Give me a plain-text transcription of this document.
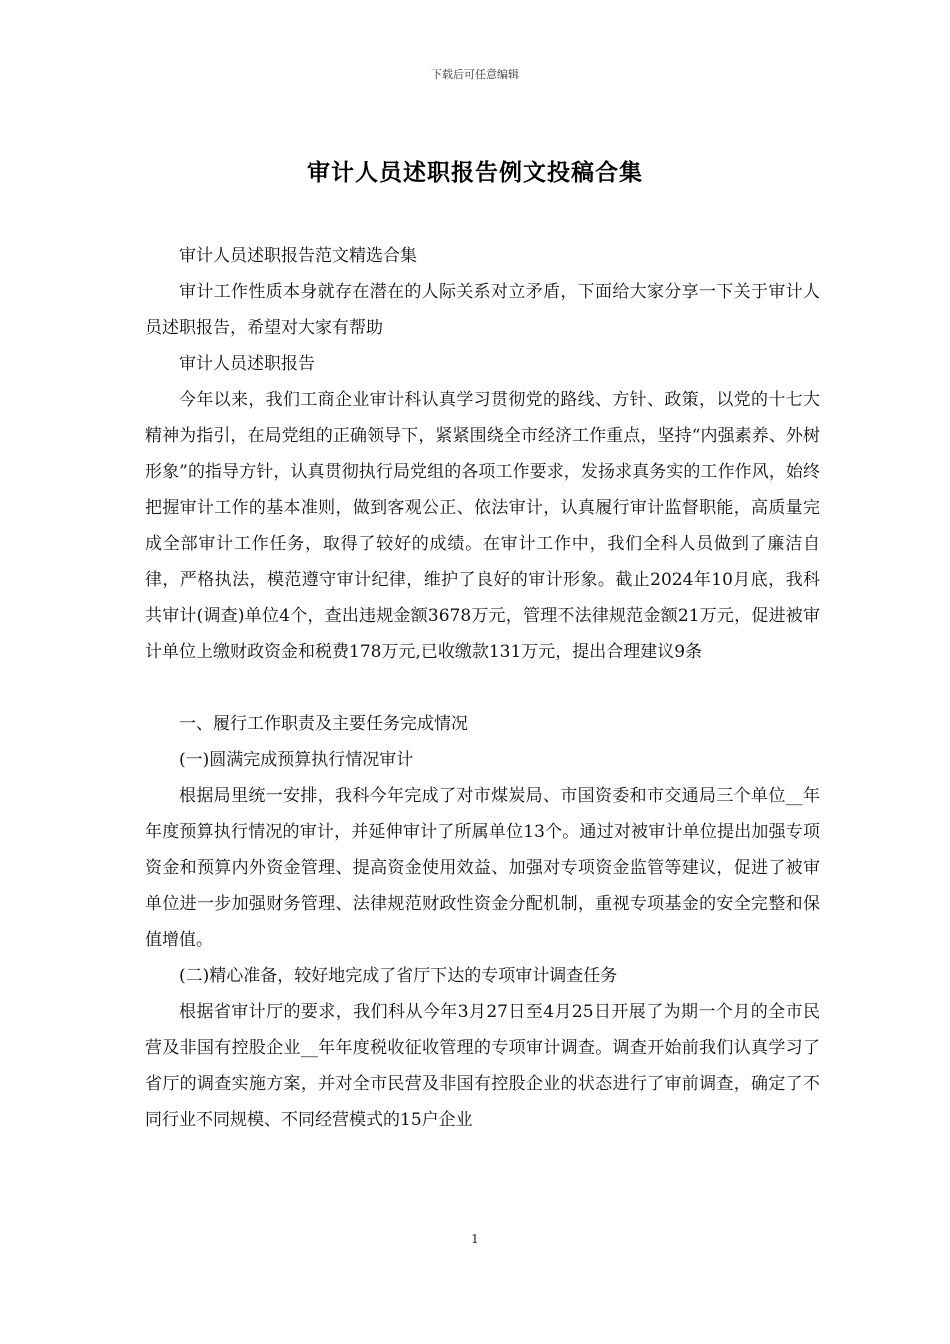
下载后可任意编辑
审计人员述职报告例文投稿合集

审计人员述职报告范文精选合集

审计工作性质本身就存在潜在的人际关系对立矛盾，下面给大家分享一下关于审计人员述职报告，希望对大家有帮助

审计人员述职报告

今年以来，我们工商企业审计科认真学习贯彻党的路线、方针、政策，以党的十七大精神为指引，在局党组的正确领导下，紧紧围绕全市经济工作重点，坚持“内强素养、外树形象”的指导方针，认真贯彻执行局党组的各项工作要求，发扬求真务实的工作作风，始终把握审计工作的基本准则，做到客观公正、依法审计，认真履行审计监督职能，高质量完成全部审计工作任务，取得了较好的成绩。在审计工作中，我们全科人员做到了廉洁自律，严格执法，模范遵守审计纪律，维护了良好的审计形象。截止2024年10月底，我科共审计(调查)单位4个，查出违规金额3678万元，管理不法律规范金额21万元，促进被审计单位上缴财政资金和税费178万元,已收缴款131万元，提出合理建议9条

一、履行工作职责及主要任务完成情况

(一)圆满完成预算执行情况审计

根据局里统一安排，我科今年完成了对市煤炭局、市国资委和市交通局三个单位__年年度预算执行情况的审计，并延伸审计了所属单位13个。通过对被审计单位提出加强专项资金和预算内外资金管理、提高资金使用效益、加强对专项资金监管等建议，促进了被审单位进一步加强财务管理、法律规范财政性资金分配机制，重视专项基金的安全完整和保值增值。

(二)精心准备，较好地完成了省厅下达的专项审计调查任务

根据省审计厅的要求，我们科从今年3月27日至4月25日开展了为期一个月的全市民营及非国有控股企业__年年度税收征收管理的专项审计调查。调查开始前我们认真学习了省厅的调查实施方案，并对全市民营及非国有控股企业的状态进行了审前调查，确定了不同行业不同规模、不同经营模式的15户企业

1
